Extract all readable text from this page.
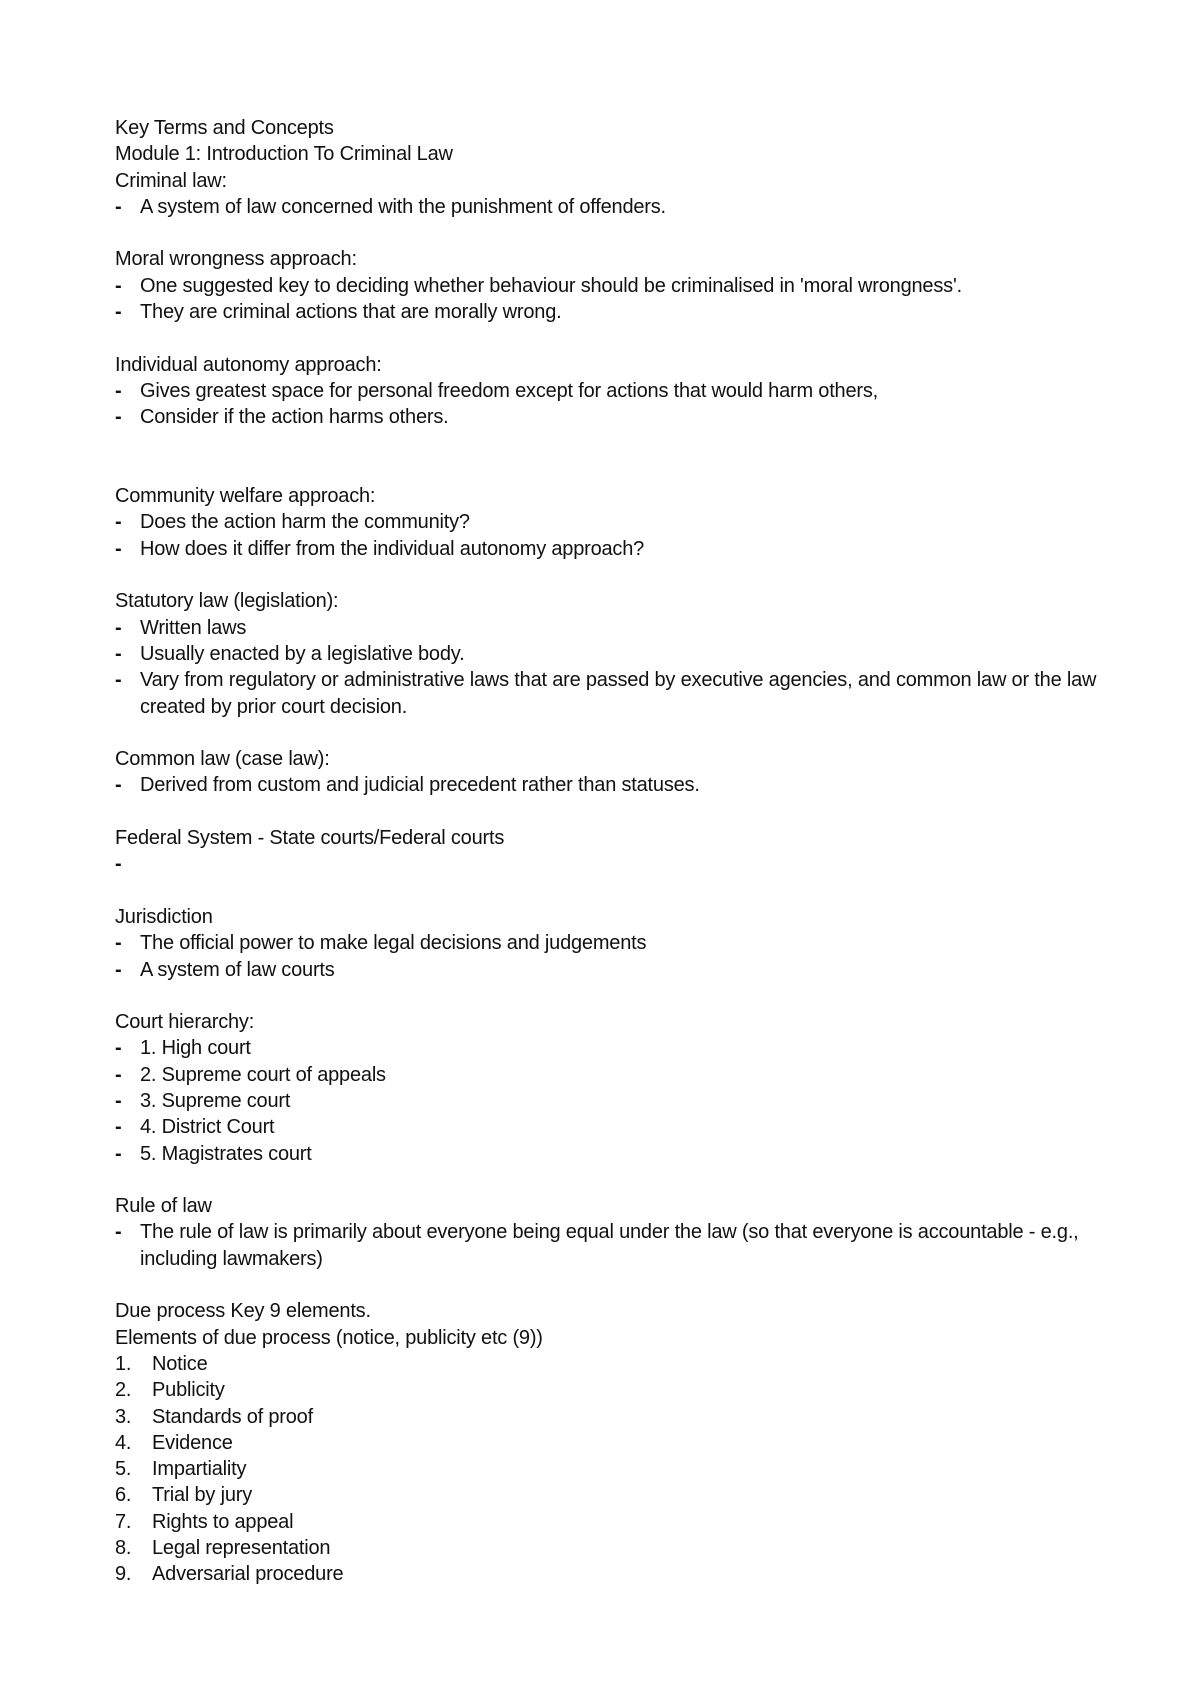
Key Terms and Concepts

Module 1: Introduction To Criminal Law

Criminal law:

- A system of law concerned with the punishment of offenders.

Moral wrongness approach:

- One suggested key to deciding whether behaviour should be criminalised in 'moral wrongness'.
- They are criminal actions that are morally wrong.

Individual autonomy approach:

- Gives greatest space for personal freedom except for actions that would harm others,
- Consider if the action harms others.

Community welfare approach:

- Does the action harm the community?
- How does it differ from the individual autonomy approach?

Statutory law (legislation):

- Written laws
- Usually enacted by a legislative body.
- Vary from regulatory or administrative laws that are passed by executive agencies, and common law or the law created by prior court decision.

Common law (case law):

- Derived from custom and judicial precedent rather than statuses.

Federal System - State courts/Federal courts

-

Jurisdiction

- The official power to make legal decisions and judgements
- A system of law courts

Court hierarchy:

- 1. High court
- 2. Supreme court of appeals
- 3. Supreme court
- 4. District Court
- 5. Magistrates court

Rule of law

- The rule of law is primarily about everyone being equal under the law (so that everyone is accountable - e.g., including lawmakers)

Due process Key 9 elements.

Elements of due process (notice, publicity etc (9))

1.	Notice
2.	Publicity
3.	Standards of proof
4.	Evidence
5.	Impartiality
6.	Trial by jury
7.	Rights to appeal
8.	Legal representation
9.	Adversarial procedure
